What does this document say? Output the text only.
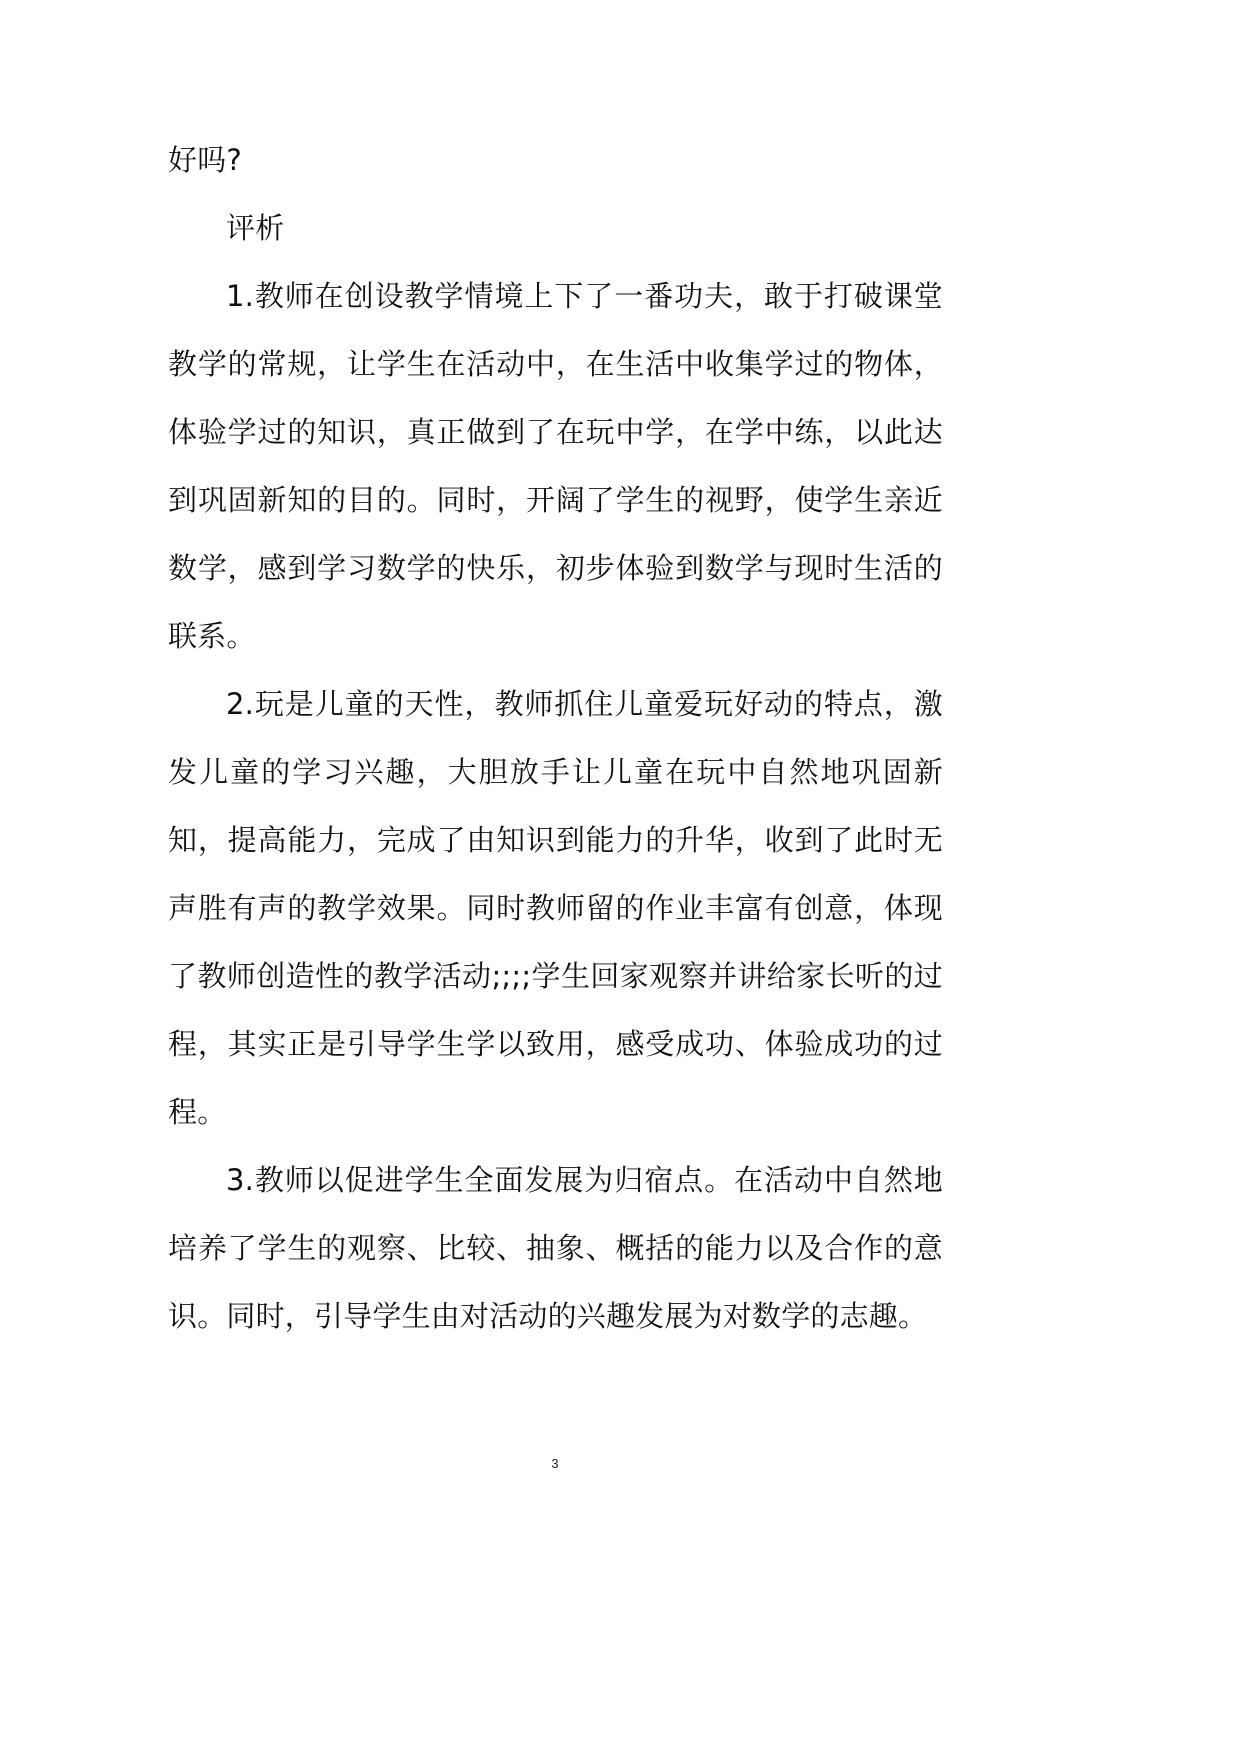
好吗?

评析

1.教师在创设教学情境上下了一番功夫，敢于打破课堂教学的常规，让学生在活动中，在生活中收集学过的物体，体验学过的知识，真正做到了在玩中学，在学中练，以此达到巩固新知的目的。同时，开阔了学生的视野，使学生亲近数学，感到学习数学的快乐，初步体验到数学与现时生活的联系。

2.玩是儿童的天性，教师抓住儿童爱玩好动的特点，激发儿童的学习兴趣，大胆放手让儿童在玩中自然地巩固新知，提高能力，完成了由知识到能力的升华，收到了此时无声胜有声的教学效果。同时教师留的作业丰富有创意，体现了教师创造性的教学活动;;;;学生回家观察并讲给家长听的过程，其实正是引导学生学以致用，感受成功、体验成功的过程。

3.教师以促进学生全面发展为归宿点。在活动中自然地培养了学生的观察、比较、抽象、概括的能力以及合作的意识。同时，引导学生由对活动的兴趣发展为对数学的志趣。

3
